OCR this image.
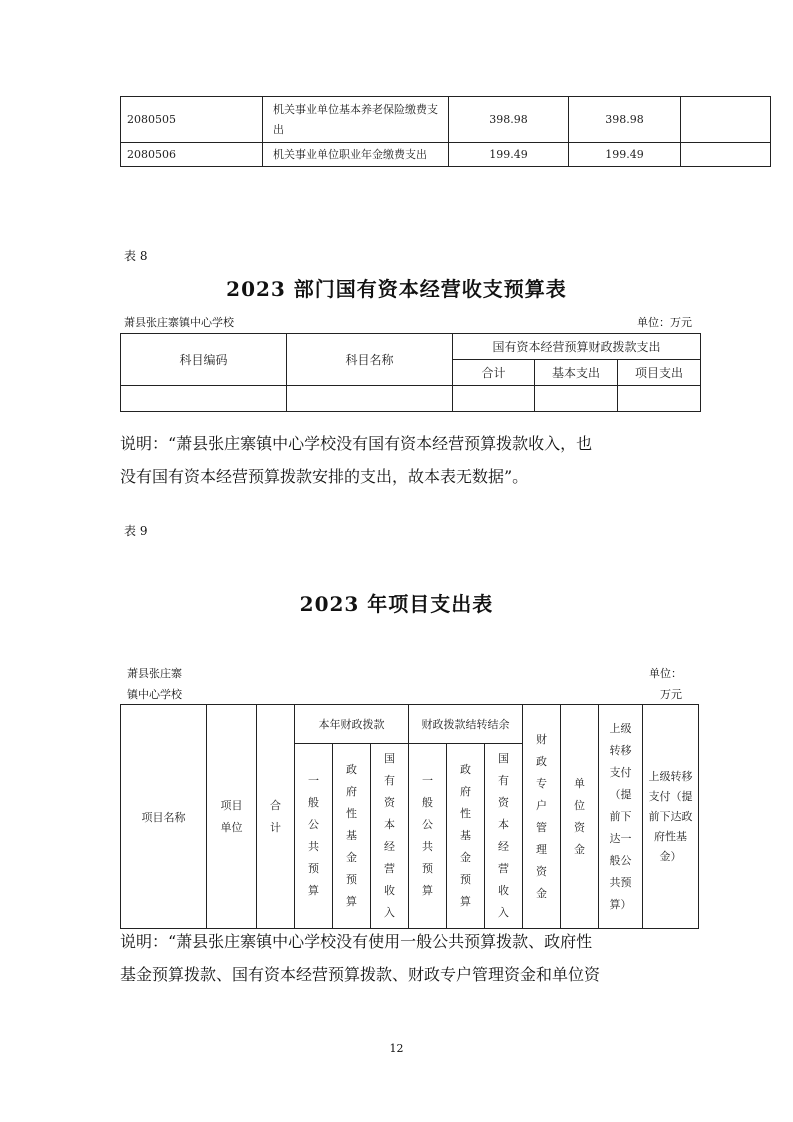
2080505	机关事业单位基本养老保险缴费支出	398.98	398.98	
2080506	机关事业单位职业年金缴费支出	199.49	199.49	
表 8
2023 部门国有资本经营收支预算表
萧县张庄寨镇中心学校	单位：万元
科目编码	科目名称	国有资本经营预算财政拨款支出		
		合计	基本支出	项目支出

说明：“萧县张庄寨镇中心学校没有国有资本经营预算拨款收入，也
没有国有资本经营预算拨款安排的支出，故本表无数据”。
表 9
2023 年项目支出表
萧县张庄寨
镇中心学校
单位：
万元
项目名称	项目单位	合计	本年财政拨款			财政拨款结转结余			财政专户管理资金	单位资金	上级转移支付（提前下达一般公共预算）	上级转移支付（提前下达政府性基金）

			一般公共预算	政府性基金预算	国有资本经营收入	一般公共预算	政府性基金预算	国有资本经营收入				
说明：“萧县张庄寨镇中心学校没有使用一般公共预算拨款、政府性
基金预算拨款、国有资本经营预算拨款、财政专户管理资金和单位资
12
